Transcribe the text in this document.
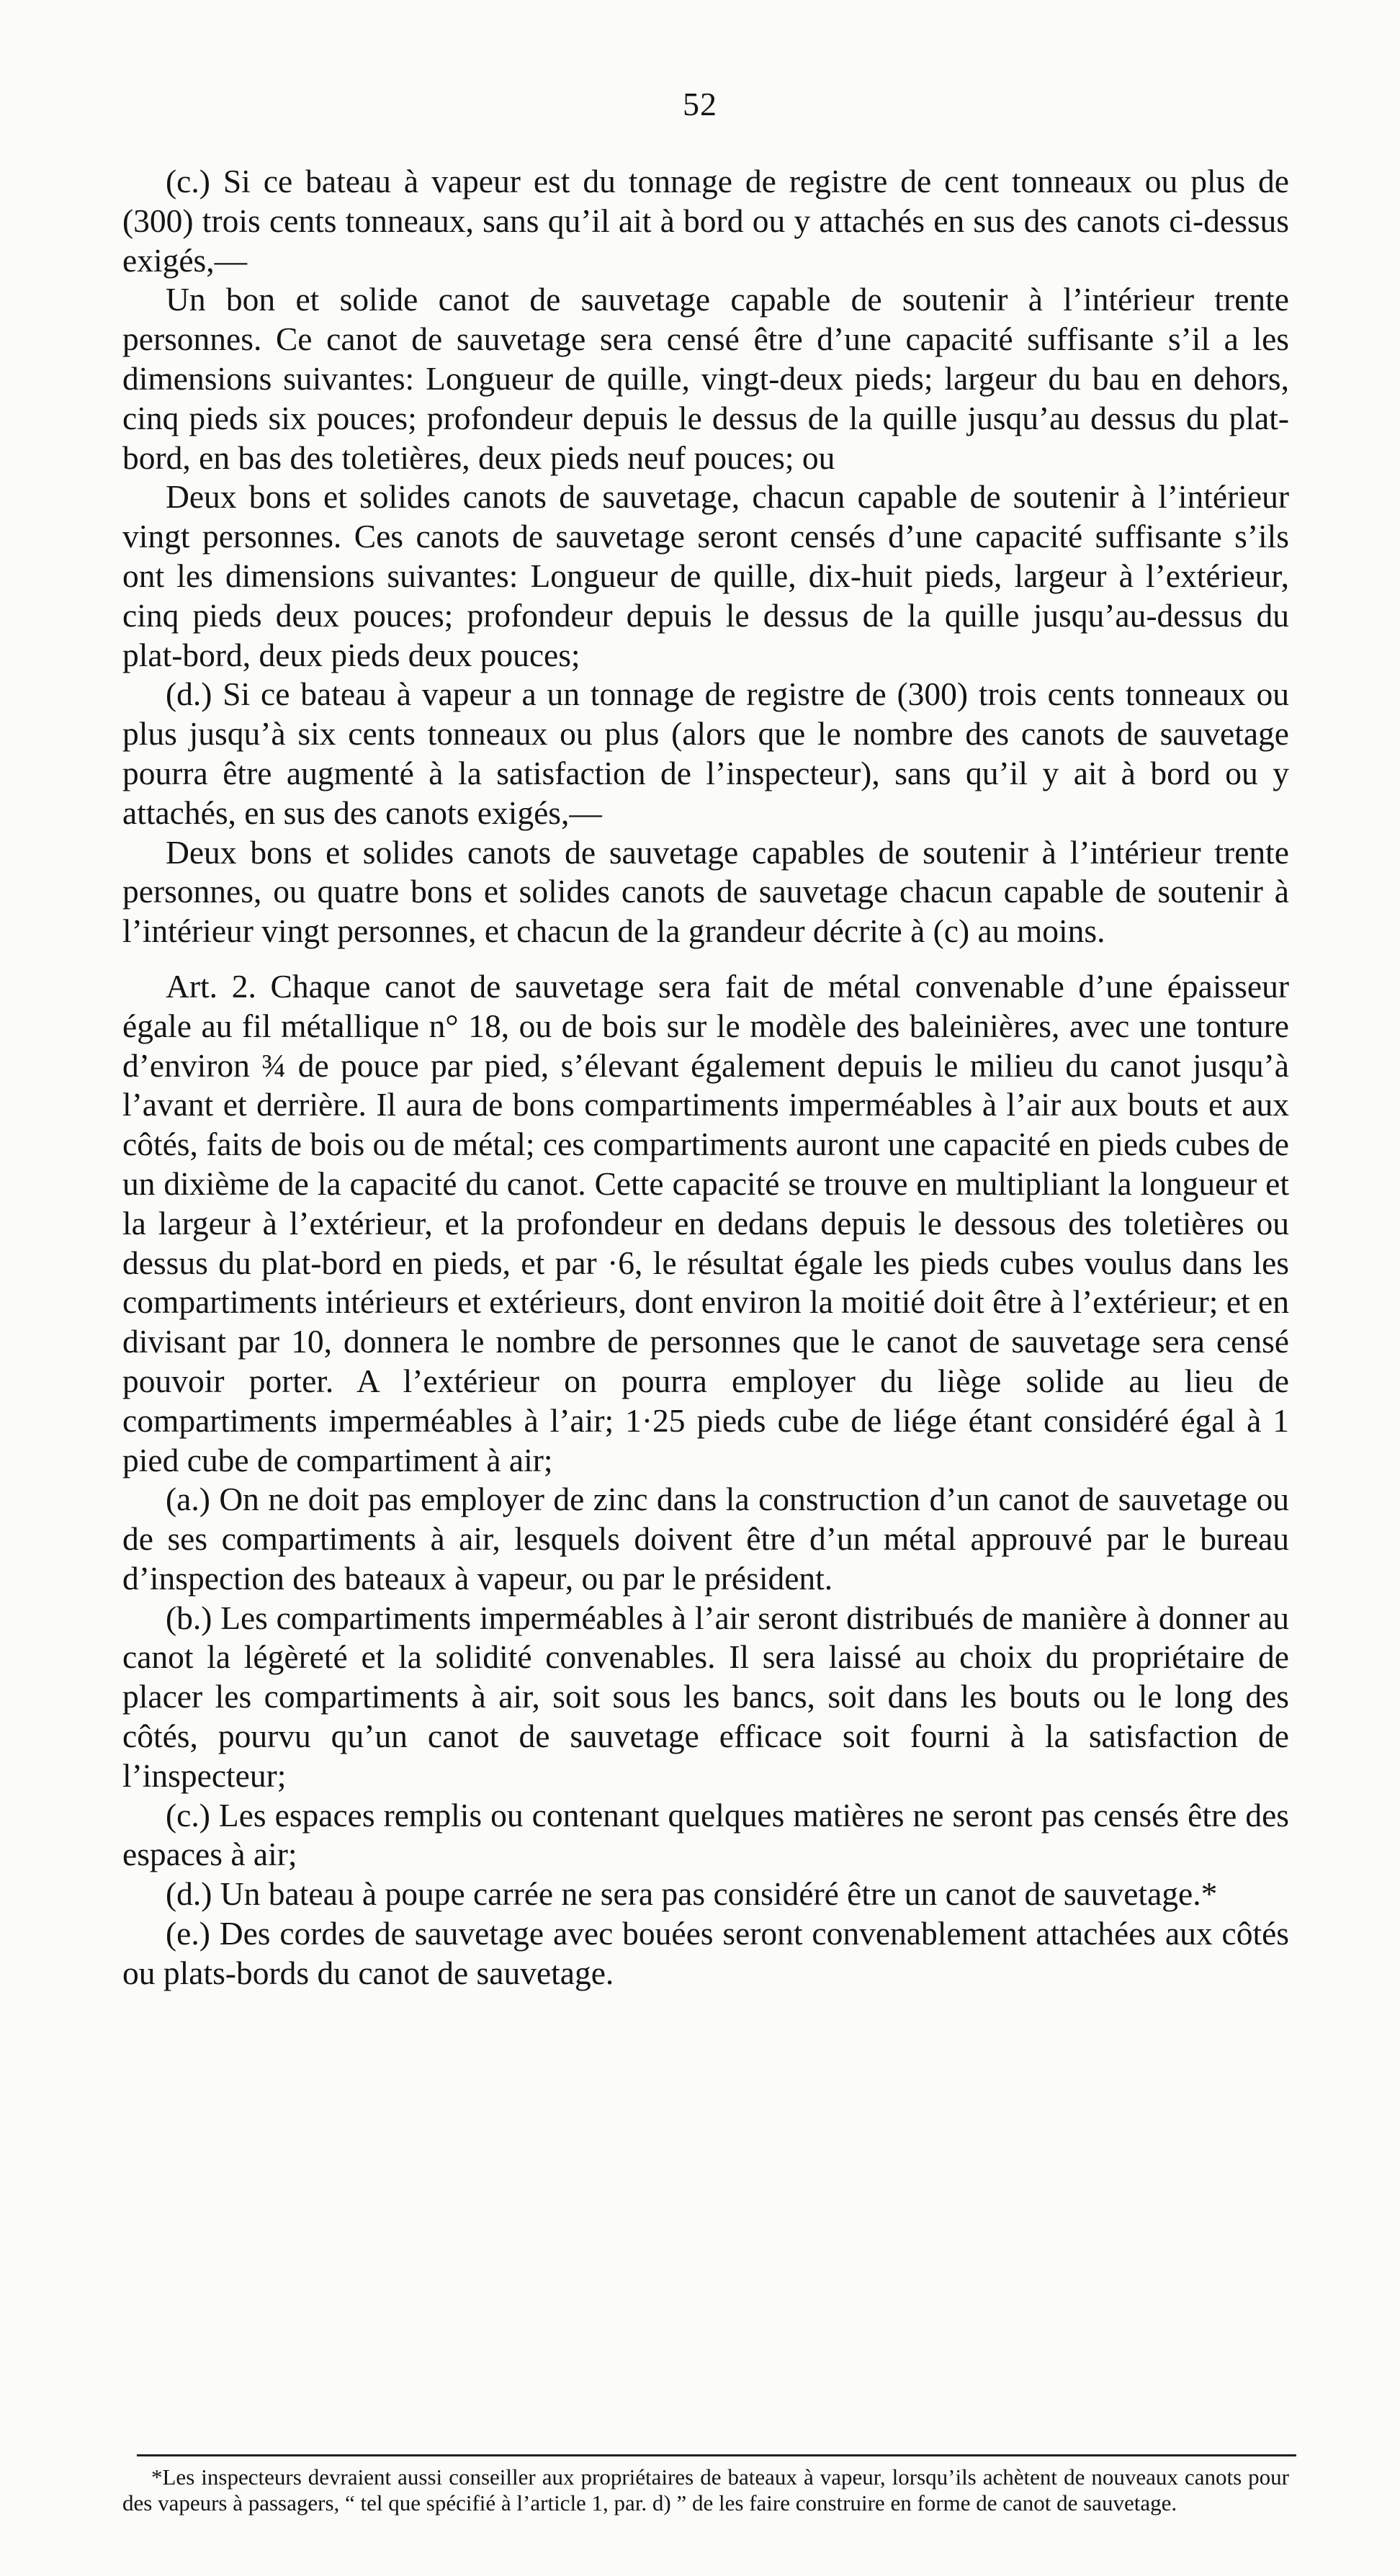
52

(c.) Si ce bateau à vapeur est du tonnage de registre de cent tonneaux ou plus de (300) trois cents tonneaux, sans qu’il ait à bord ou y attachés en sus des canots ci-dessus exigés,—

Un bon et solide canot de sauvetage capable de soutenir à l’intérieur trente personnes. Ce canot de sauvetage sera censé être d’une capacité suffisante s’il a les dimensions suivantes: Longueur de quille, vingt-deux pieds; largeur du bau en dehors, cinq pieds six pouces; profondeur depuis le dessus de la quille jusqu’au dessus du plat-bord, en bas des toletières, deux pieds neuf pouces; ou

Deux bons et solides canots de sauvetage, chacun capable de soutenir à l’intérieur vingt personnes. Ces canots de sauvetage seront censés d’une capacité suffisante s’ils ont les dimensions suivantes: Longueur de quille, dix-huit pieds, largeur à l’extérieur, cinq pieds deux pouces; profondeur depuis le dessus de la quille jusqu’au-dessus du plat-bord, deux pieds deux pouces;

(d.) Si ce bateau à vapeur a un tonnage de registre de (300) trois cents tonneaux ou plus jusqu’à six cents tonneaux ou plus (alors que le nombre des canots de sauvetage pourra être augmenté à la satisfaction de l’inspecteur), sans qu’il y ait à bord ou y attachés, en sus des canots exigés,—

Deux bons et solides canots de sauvetage capables de soutenir à l’intérieur trente personnes, ou quatre bons et solides canots de sauvetage chacun capable de soutenir à l’intérieur vingt personnes, et chacun de la grandeur décrite à (c) au moins.

Art. 2. Chaque canot de sauvetage sera fait de métal convenable d’une épaisseur égale au fil métallique n° 18, ou de bois sur le modèle des baleinières, avec une tonture d’environ ¾ de pouce par pied, s’élevant également depuis le milieu du canot jusqu’à l’avant et derrière. Il aura de bons compartiments imperméables à l’air aux bouts et aux côtés, faits de bois ou de métal; ces compartiments auront une capacité en pieds cubes de un dixième de la capacité du canot. Cette capacité se trouve en multipliant la longueur et la largeur à l’extérieur, et la profondeur en dedans depuis le dessous des toletières ou dessus du plat-bord en pieds, et par ·6, le résultat égale les pieds cubes voulus dans les compartiments intérieurs et extérieurs, dont environ la moitié doit être à l’extérieur; et en divisant par 10, donnera le nombre de personnes que le canot de sauvetage sera censé pouvoir porter. A l’extérieur on pourra employer du liège solide au lieu de compartiments imperméables à l’air; 1·25 pieds cube de liége étant considéré égal à 1 pied cube de compartiment à air;

(a.) On ne doit pas employer de zinc dans la construction d’un canot de sauvetage ou de ses compartiments à air, lesquels doivent être d’un métal approuvé par le bureau d’inspection des bateaux à vapeur, ou par le président.

(b.) Les compartiments imperméables à l’air seront distribués de manière à donner au canot la légèreté et la solidité convenables. Il sera laissé au choix du propriétaire de placer les compartiments à air, soit sous les bancs, soit dans les bouts ou le long des côtés, pourvu qu’un canot de sauvetage efficace soit fourni à la satisfaction de l’inspecteur;

(c.) Les espaces remplis ou contenant quelques matières ne seront pas censés être des espaces à air;

(d.) Un bateau à poupe carrée ne sera pas considéré être un canot de sauvetage.*

(e.) Des cordes de sauvetage avec bouées seront convenablement attachées aux côtés ou plats-bords du canot de sauvetage.

*Les inspecteurs devraient aussi conseiller aux propriétaires de bateaux à vapeur, lorsqu’ils achètent de nouveaux canots pour des vapeurs à passagers, “ tel que spécifié à l’article 1, par. d) ” de les faire construire en forme de canot de sauvetage.
